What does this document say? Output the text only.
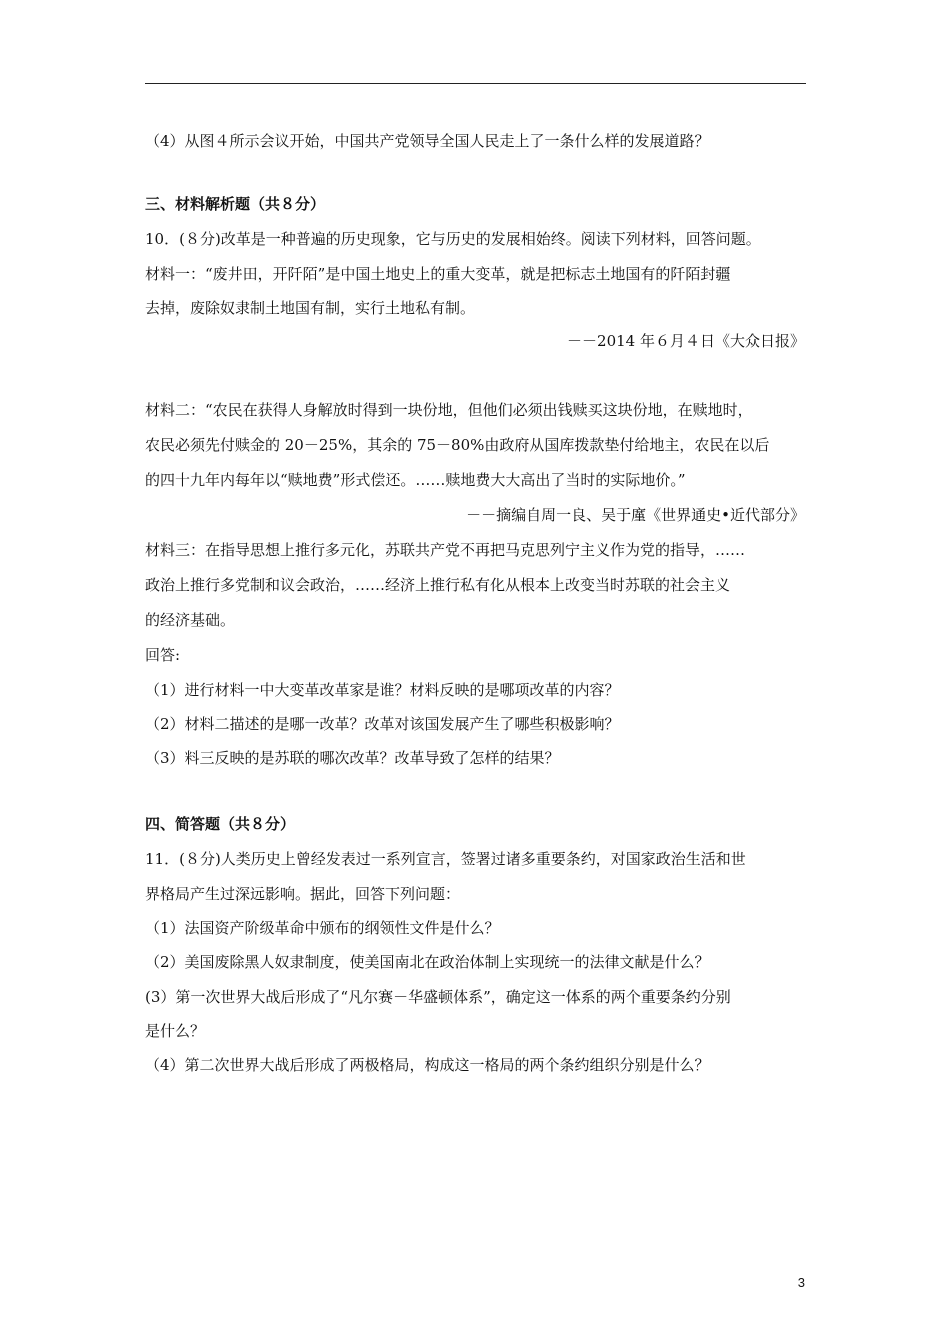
（4）从图４所示会议开始，中国共产党领导全国人民走上了一条什么样的发展道路？
三、材料解析题（共８分）
10．(８分)改革是一种普遍的历史现象，它与历史的发展相始终。阅读下列材料，回答问题。
材料一：“废井田，开阡陌”是中国土地史上的重大变革，就是把标志土地国有的阡陌封疆
去掉，废除奴隶制土地国有制，实行土地私有制。
－－2014 年６月４日《大众日报》
材料二：“农民在获得人身解放时得到一块份地，但他们必须出钱赎买这块份地，在赎地时，
农民必须先付赎金的 20－25%，其余的 75－80%由政府从国库拨款垫付给地主，农民在以后
的四十九年内每年以“赎地费”形式偿还。……赎地费大大高出了当时的实际地价。”
－－摘编自周一良、吴于廑《世界通史•近代部分》
材料三：在指导思想上推行多元化，苏联共产党不再把马克思列宁主义作为党的指导，……
政治上推行多党制和议会政治，……经济上推行私有化从根本上改变当时苏联的社会主义
的经济基础。
回答:
（1）进行材料一中大变革改革家是谁？材料反映的是哪项改革的内容？
（2）材料二描述的是哪一改革？改革对该国发展产生了哪些积极影响？
（3）料三反映的是苏联的哪次改革？改革导致了怎样的结果？
四、简答题（共８分）
11．(８分)人类历史上曾经发表过一系列宣言，签署过诸多重要条约，对国家政治生活和世
界格局产生过深远影响。据此，回答下列问题：
（1）法国资产阶级革命中颁布的纲领性文件是什么？
（2）美国废除黑人奴隶制度，使美国南北在政治体制上实现统一的法律文献是什么？
(3）第一次世界大战后形成了“凡尔赛－华盛顿体系”，确定这一体系的两个重要条约分别
是什么？
（4）第二次世界大战后形成了两极格局，构成这一格局的两个条约组织分别是什么？
3
